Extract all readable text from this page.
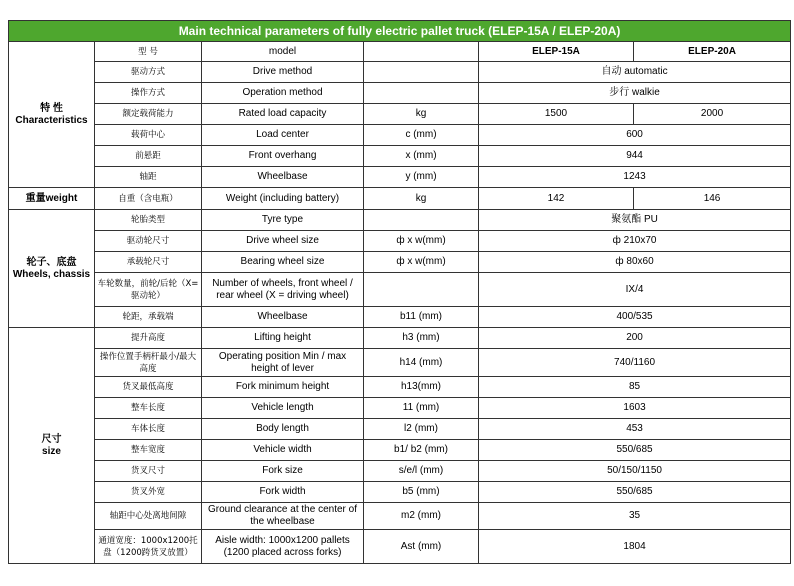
Main technical parameters of fully electric pallet truck (ELEP-15A / ELEP-20A)					

特 性
Characteristics	型 号	model		ELEP-15A	ELEP-20A
	驱动方式	Drive method		自动 automatic	
	操作方式	Operation method		步行 walkie	
	额定载荷能力	Rated load capacity	kg	1500	2000
	载荷中心	Load center	c (mm)	600	
	前悬距	Front overhang	x (mm)	944	
	轴距	Wheelbase	y (mm)	1243	
重量weight	自重（含电瓶）	Weight (including battery)	kg	142	146

轮子、底盘
Wheels, chassis	轮胎类型	Tyre type		聚氨酯 PU	
	驱动轮尺寸	Drive wheel size	ф x w(mm)	ф 210x70	
	承载轮尺寸	Bearing wheel size	ф x w(mm)	ф 80x60	
	车轮数量，前轮/后轮（X=驱动轮）	Number of wheels, front wheel / rear wheel (X = driving wheel)		IX/4	
	轮距，承载端	Wheelbase	b11 (mm)	400/535	

尺寸
size	提升高度	Lifting height	h3 (mm)	200	
	操作位置手柄杆最小/最大高度	Operating position Min / max height of lever	h14 (mm)	740/1160	
	货叉最低高度	Fork minimum height	h13(mm)	85	
	整车长度	Vehicle length	11 (mm)	1603	
	车体长度	Body length	l2 (mm)	453	
	整车宽度	Vehicle width	b1/ b2 (mm)	550/685	
	货叉尺寸	Fork size	s/e/l (mm)	50/150/1150	
	货叉外宽	Fork width	b5 (mm)	550/685	
	轴距中心处离地间隙	Ground clearance at the center of the wheelbase	m2 (mm)	35	
	通道宽度：1000x1200托盘（1200跨货叉放置）	Aisle width: 1000x1200 pallets (1200 placed across forks)	Ast (mm)	1804	
